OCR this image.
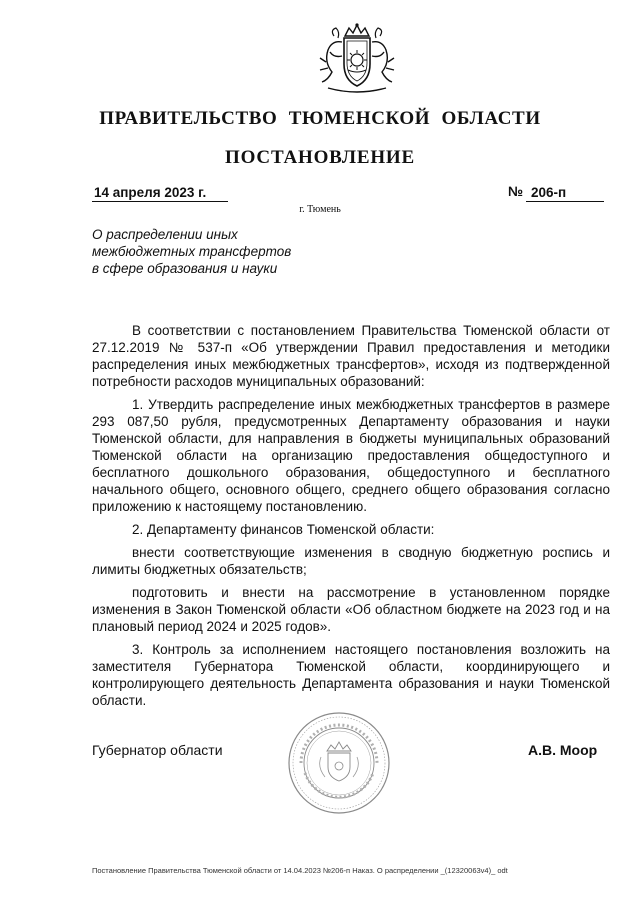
ПРАВИТЕЛЬСТВО ТЮМЕНСКОЙ ОБЛАСТИ
ПОСТАНОВЛЕНИЕ
14 апреля 2023 г.	№ 206-п
г. Тюмень
О распределении иных
межбюджетных трансфертов
в сфере образования и науки

В соответствии с постановлением Правительства Тюменской области от 27.12.2019 № 537-п «Об утверждении Правил предоставления и методики распределения иных межбюджетных трансфертов», исходя из подтвержденной потребности расходов муниципальных образований:

1. Утвердить распределение иных межбюджетных трансфертов в размере 293 087,50 рубля, предусмотренных Департаменту образования и науки Тюменской области, для направления в бюджеты муниципальных образований Тюменской области на организацию предоставления общедоступного и бесплатного дошкольного образования, общедоступного и бесплатного начального общего, основного общего, среднего общего образования согласно приложению к настоящему постановлению.

2. Департаменту финансов Тюменской области:

внести соответствующие изменения в сводную бюджетную роспись и лимиты бюджетных обязательств;

подготовить и внести на рассмотрение в установленном порядке изменения в Закон Тюменской области «Об областном бюджете на 2023 год и на плановый период 2024 и 2025 годов».

3. Контроль за исполнением настоящего постановления возложить на заместителя Губернатора Тюменской области, координирующего и контролирующего деятельность Департамента образования и науки Тюменской области.

Губернатор области	А.В. Моор
Постановление Правительства Тюменской области от 14.04.2023 №206-п Наказ. О распределении _(12320063v4)_ odt
